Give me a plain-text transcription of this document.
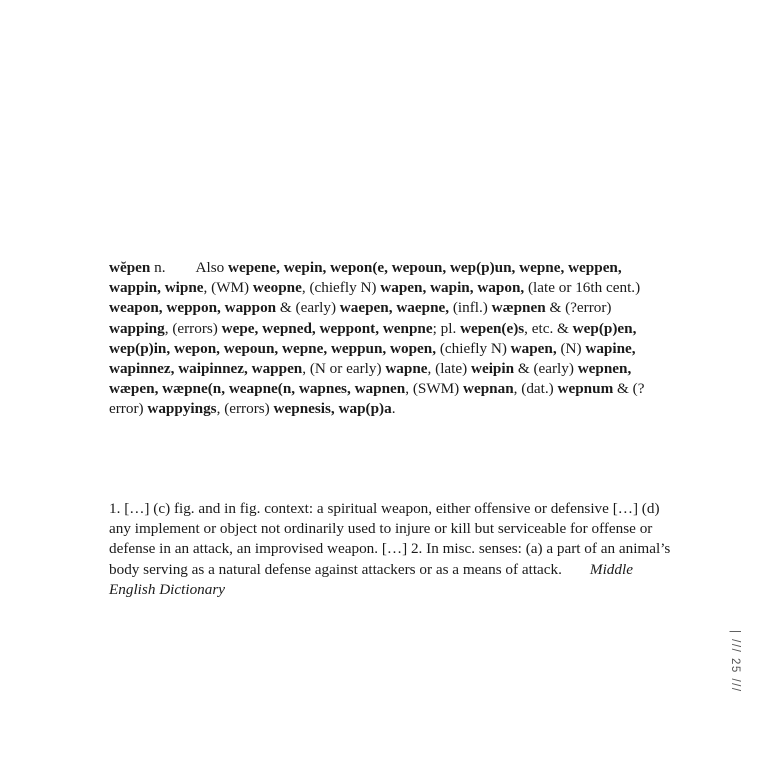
wĕpen n. Also wepene, wepin, wepon(e, wepoun, wep(p)un, wepne, weppen, wappin, wipne, (WM) weopne, (chiefly N) wapen, wapin, wapon, (late or 16th cent.) weapon, weppon, wappon & (early) waepen, waepne, (infl.) wæpnen & (?error) wapping, (errors) wepe, wepned, weppont, wenpne; pl. wepen(e)s, etc. & wep(p)en, wep(p)in, wepon, wepoun, wepne, weppun, wopen, (chiefly N) wapen, (N) wapine, wapinnez, waipinnez, wappen, (N or early) wapne, (late) weipin & (early) wepnen, wæpen, wæpne(n, weapne(n, wapnes, wapnen, (SWM) wepnan, (dat.) wepnum & (?error) wappyings, (errors) wepnesis, wap(p)a.
1. […] (c) fig. and in fig. context: a spiritual weapon, either offensive or defensive […] (d) any implement or object not ordinarily used to injure or kill but serviceable for offense or defense in an attack, an improvised weapon. […] 2. In misc. senses: (a) a part of an animal’s body serving as a natural defense against attackers or as a means of attack. Middle English Dictionary
| /// 25 ///
